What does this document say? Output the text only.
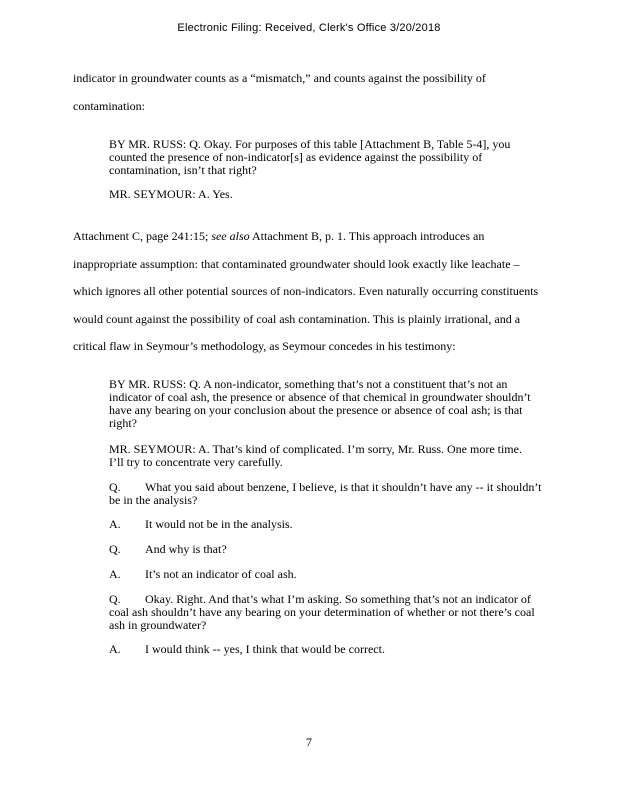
Electronic Filing: Received, Clerk's Office 3/20/2018
indicator in groundwater counts as a “mismatch,” and counts against the possibility of
contamination:
BY MR. RUSS: Q. Okay. For purposes of this table [Attachment B, Table 5-4], you
counted the presence of non-indicator[s] as evidence against the possibility of
contamination, isn’t that right?
MR. SEYMOUR: A. Yes.
Attachment C, page 241:15; see also Attachment B, p. 1. This approach introduces an
inappropriate assumption: that contaminated groundwater should look exactly like leachate –
which ignores all other potential sources of non-indicators. Even naturally occurring constituents
would count against the possibility of coal ash contamination. This is plainly irrational, and a
critical flaw in Seymour’s methodology, as Seymour concedes in his testimony:
BY MR. RUSS: Q. A non-indicator, something that’s not a constituent that’s not an
indicator of coal ash, the presence or absence of that chemical in groundwater shouldn’t
have any bearing on your conclusion about the presence or absence of coal ash; is that
right?
MR. SEYMOUR: A. That’s kind of complicated. I’m sorry, Mr. Russ. One more time.
I’ll try to concentrate very carefully.
Q. What you said about benzene, I believe, is that it shouldn’t have any -- it shouldn’t
be in the analysis?
A. It would not be in the analysis.
Q. And why is that?
A. It’s not an indicator of coal ash.
Q. Okay. Right. And that’s what I’m asking. So something that’s not an indicator of
coal ash shouldn’t have any bearing on your determination of whether or not there’s coal
ash in groundwater?
A. I would think -- yes, I think that would be correct.
7
